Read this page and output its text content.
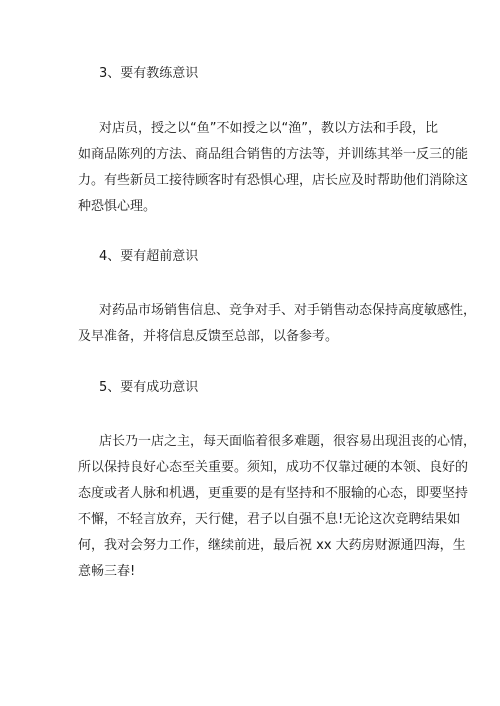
3、要有教练意识
对店员，授之以“鱼”不如授之以“渔”，教以方法和手段，比
如商品陈列的方法、商品组合销售的方法等，并训练其举一反三的能
力。有些新员工接待顾客时有恐惧心理，店长应及时帮助他们消除这
种恐惧心理。
4、要有超前意识
对药品市场销售信息、竞争对手、对手销售动态保持高度敏感性，
及早准备，并将信息反馈至总部，以备参考。
5、要有成功意识
店长乃一店之主，每天面临着很多难题，很容易出现沮丧的心情，
所以保持良好心态至关重要。须知，成功不仅靠过硬的本领、良好的
态度或者人脉和机遇，更重要的是有坚持和不服输的心态，即要坚持
不懈，不轻言放弃，天行健，君子以自强不息!无论这次竞聘结果如
何，我对会努力工作，继续前进，最后祝 xx 大药房财源通四海，生
意畅三春!
